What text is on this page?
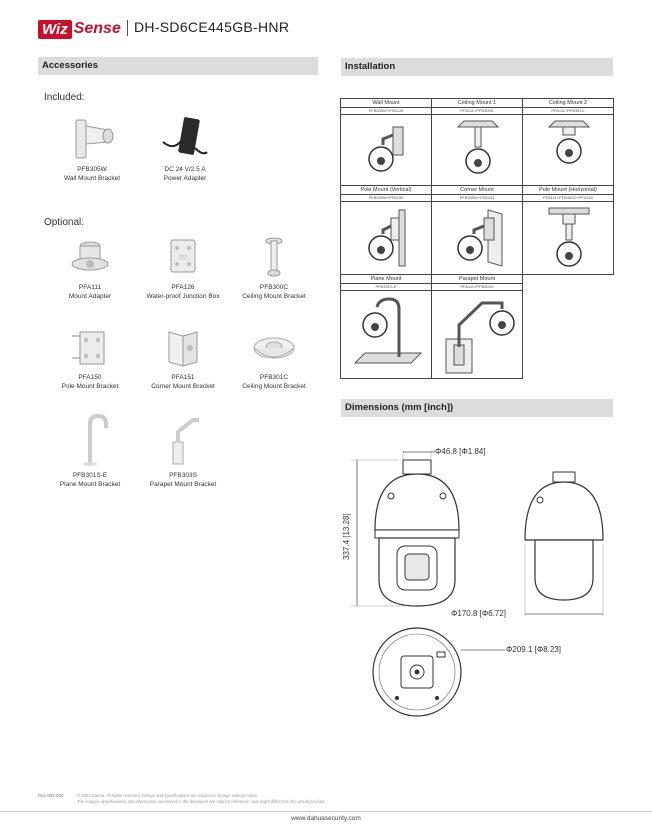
Wiz Sense DH-SD6CE445GB-HNR
Accessories
Included:
PFB305W
Wall Mount Bracket
DC 24 V/2.5 A
Power Adapter
Optional:
PFA111
Mount Adapter
PFA126
Water-proof Junction Box
PFB300C
Ceiling Mount Bracket
PFA150
Pole Mount Bracket
PFA151
Corner Mount Bracket
PFB301C
Ceiling Mount Bracket
PFB301S-E
Plane Mount Bracket
PFB303S
Parapet Mount Bracket
Installation
Wall Mount
PFB305W+PFA126
Ceiling Mount 1
PFA111+PFB300C
Ceiling Mount 2
PFA111+PFB301C
Pole Mount (Vertical)
PFB305W+PFA150
Corner Mount
PFB305W+PFA151
Pole Mount (Horizontal)
PFA111+PFB300C+PFA150
Plane Mount
PFB301S-E
Parapet Mount
PFA111+PFB303S
Dimensions (mm [inch])
Φ46.8 [Φ1.84]
337.4 [13.28]
Φ170.8 [Φ6.72]
Φ209.1 [Φ8.23]
Rev 002.000	© 2023 Dahua. All rights reserved. Design and specifications are subject to change without notice.
The images, specifications and information mentioned in the document are only for reference, and might differ from the actual product.
www.dahuasecurity.com
